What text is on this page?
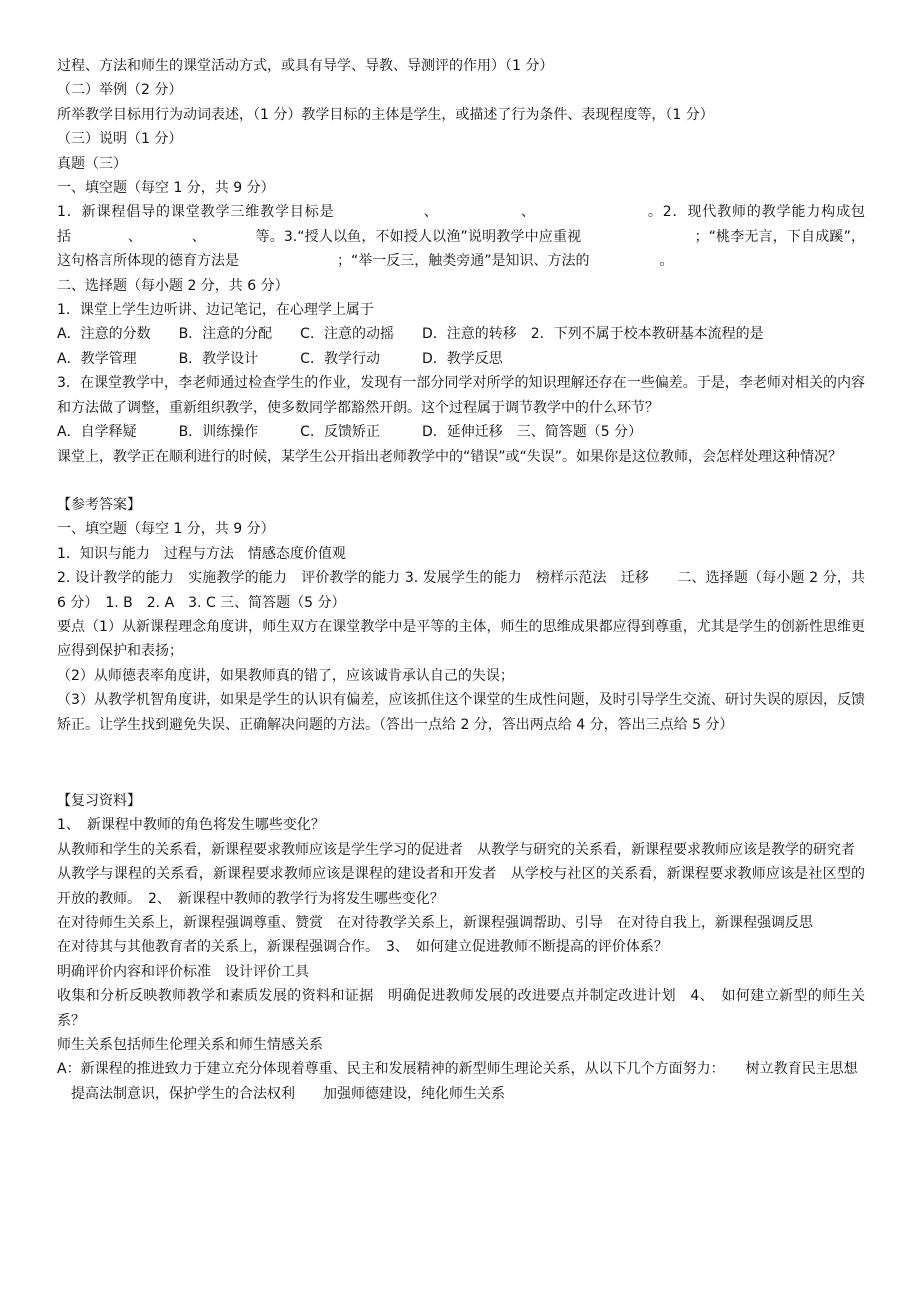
过程、方法和师生的课堂活动方式，或具有导学、导教、导测评的作用）（1 分）
（二）举例（2 分）
所举教学目标用行为动词表述，（1 分）教学目标的主体是学生，或描述了行为条件、表现程度等，（1 分）
（三）说明（1 分）
真题（三）
一、填空题（每空 1 分，共 9 分）
1．新课程倡导的课堂教学三维教学目标是　　　　　　、　　　　　　、　　　　　　　　。2．现代教师的教学能力构成包括　　　　、　　　　、　　　　等。3.“授人以鱼，不如授人以渔”说明教学中应重视　　　　　　　　；“桃李无言，下自成蹊”，这句格言所体现的德育方法是　　　　　　　；“举一反三，触类旁通”是知识、方法的　　　　　。
二、选择题（每小题 2 分，共 6 分）
1．课堂上学生边听讲、边记笔记，在心理学上属于
A．注意的分数　　B．注意的分配　　C．注意的动摇　　D．注意的转移　2．下列不属于校本教研基本流程的是
A．教学管理　　　B．教学设计　　　C．教学行动　　　D．教学反思
3．在课堂教学中，李老师通过检查学生的作业，发现有一部分同学对所学的知识理解还存在一些偏差。于是，李老师对相关的内容和方法做了调整，重新组织教学，使多数同学都豁然开朗。这个过程属于调节教学中的什么环节？
A．自学释疑　　　B．训练操作　　　C．反馈矫正　　　D．延伸迁移　三、简答题（5 分）
课堂上，教学正在顺利进行的时候，某学生公开指出老师教学中的“错误”或“失误”。如果你是这位教师，会怎样处理这种情况？
【参考答案】
一、填空题（每空 1 分，共 9 分）
1．知识与能力　过程与方法　情感态度价值观
2. 设计教学的能力　实施教学的能力　评价教学的能力 3. 发展学生的能力　榜样示范法　迁移　　二、选择题（每小题 2 分，共 6 分）　1. B　2. A　3. C 三、简答题（5 分）
要点（1）从新课程理念角度讲，师生双方在课堂教学中是平等的主体，师生的思维成果都应得到尊重，尤其是学生的创新性思维更应得到保护和表扬；
（2）从师德表率角度讲，如果教师真的错了，应该诚肯承认自己的失误；
（3）从教学机智角度讲，如果是学生的认识有偏差，应该抓住这个课堂的生成性问题，及时引导学生交流、研讨失误的原因，反馈矫正。让学生找到避免失误、正确解决问题的方法。（答出一点给 2 分，答出两点给 4 分，答出三点给 5 分）
【复习资料】
1、　新课程中教师的角色将发生哪些变化？
从教师和学生的关系看，新课程要求教师应该是学生学习的促进者　从教学与研究的关系看，新课程要求教师应该是教学的研究者
从教学与课程的关系看，新课程要求教师应该是课程的建设者和开发者　从学校与社区的关系看，新课程要求教师应该是社区型的开放的教师。　2、　新课程中教师的教学行为将发生哪些变化？
在对待师生关系上，新课程强调尊重、赞赏　在对待教学关系上，新课程强调帮助、引导　在对待自我上，新课程强调反思
在对待其与其他教育者的关系上，新课程强调合作。　3、　如何建立促进教师不断提高的评价体系？
明确评价内容和评价标准　设计评价工具
收集和分析反映教师教学和素质发展的资料和证据　明确促进教师发展的改进要点并制定改进计划　4、　如何建立新型的师生关系？
师生关系包括师生伦理关系和师生情感关系
A：新课程的推进致力于建立充分体现着尊重、民主和发展精神的新型师生理论关系，从以下几个方面努力：　　树立教育民主思想
　提高法制意识，保护学生的合法权利　　加强师德建设，纯化师生关系
